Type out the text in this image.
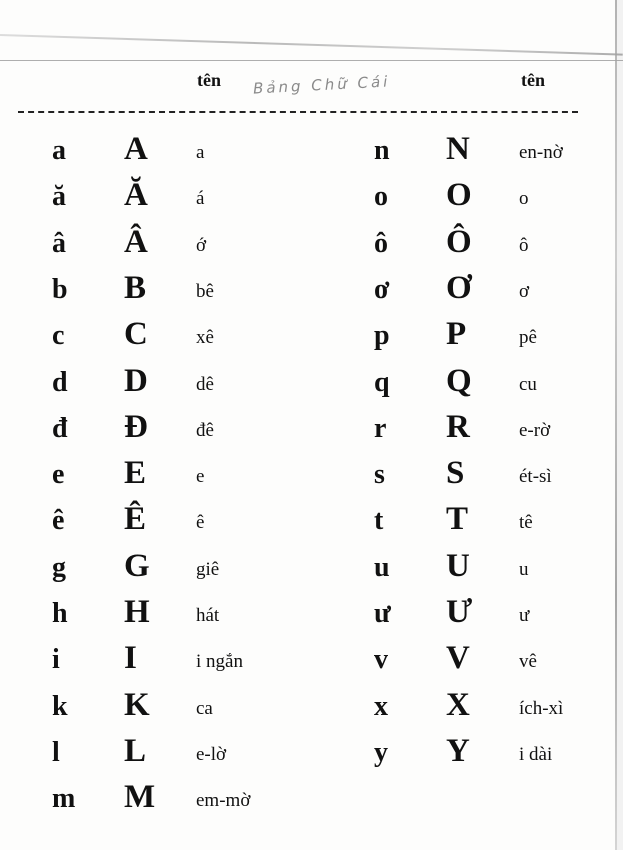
tên Bảng Chữ Cái	tên
a A	a
ă Ă	á
â Â	ớ
b B	bê
c C	xê
d D	dê
đ Đ	đê
e E	e
ê Ê	ê
g G giê
h H hát
i I	i ngắn
k K ca
l L	e-lờ
m M em-mờ
n N	en-nờ
o O o
ô Ô ô
ơ Ơ ơ
p P	pê
q Q cu
r R	e-rờ
s S	ét-sì
t T	tê
u U	u
ư Ư ư
v V	vê
x X	ích-xì
y Y	i dài
